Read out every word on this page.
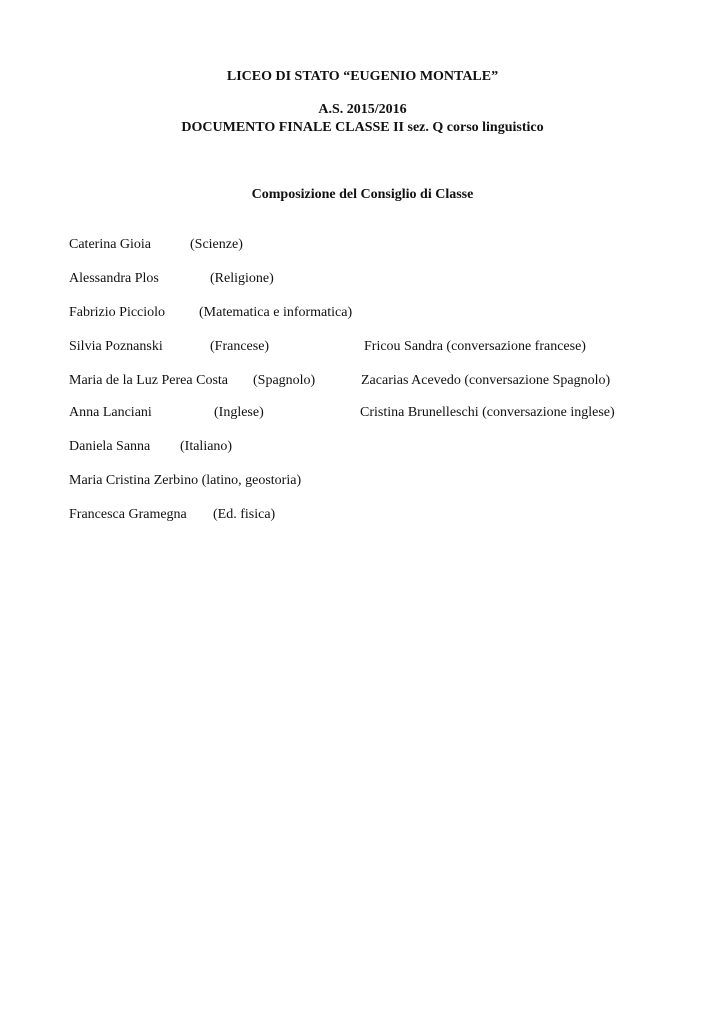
LICEO DI STATO “EUGENIO MONTALE”
A.S. 2015/2016
DOCUMENTO FINALE CLASSE II sez. Q corso linguistico
Composizione del Consiglio di Classe
Caterina Gioia	(Scienze)
Alessandra Plos	(Religione)
Fabrizio Picciolo (Matematica e informatica)
Silvia Poznanski	(Francese)	Fricou Sandra (conversazione francese)
Maria de la Luz Perea Costa (Spagnolo)	Zacarias Acevedo (conversazione Spagnolo)
Anna Lanciani	(Inglese)	Cristina Brunelleschi (conversazione inglese)
Daniela Sanna (Italiano)
Maria Cristina Zerbino (latino, geostoria)
Francesca Gramegna (Ed. fisica)
